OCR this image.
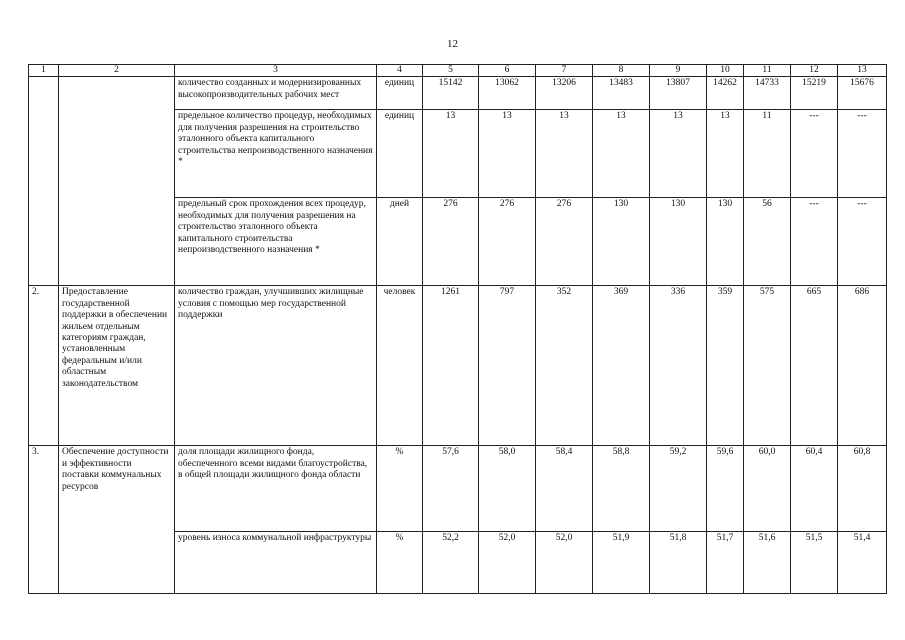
12
1	2	3	4	5	6	7	8	9	10	11	12	13
		количество созданных и модернизированных высокопроизводительных рабочих мест	единиц	15142	13062	13206	13483	13807	14262	14733	15219	15676
		предельное количество процедур, необходимых для получения разрешения на строительство эталонного объекта капитального строительства непроизводственного назначения *	единиц	13	13	13	13	13	13	11	---	---
		предельный срок прохождения всех процедур, необходимых для получения разрешения на строительство эталонного объекта капитального строительства непроизводственного назначения *	дней	276	276	276	130	130	130	56	---	---
2.	Предоставление государственной поддержки в обеспечении жильем отдельным категориям граждан, установленным федеральным и/или областным законодательством	количество граждан, улучшивших жилищные условия с помощью мер государственной поддержки	человек	1261	797	352	369	336	359	575	665	686
3.	Обеспечение доступности и эффективности поставки коммунальных ресурсов	доля площади жилищного фонда, обеспеченного всеми видами благоустройства, в общей площади жилищного фонда области	%	57,6	58,0	58,4	58,8	59,2	59,6	60,0	60,4	60,8
		уровень износа коммунальной инфраструктуры	%	52,2	52,0	52,0	51,9	51,8	51,7	51,6	51,5	51,4
